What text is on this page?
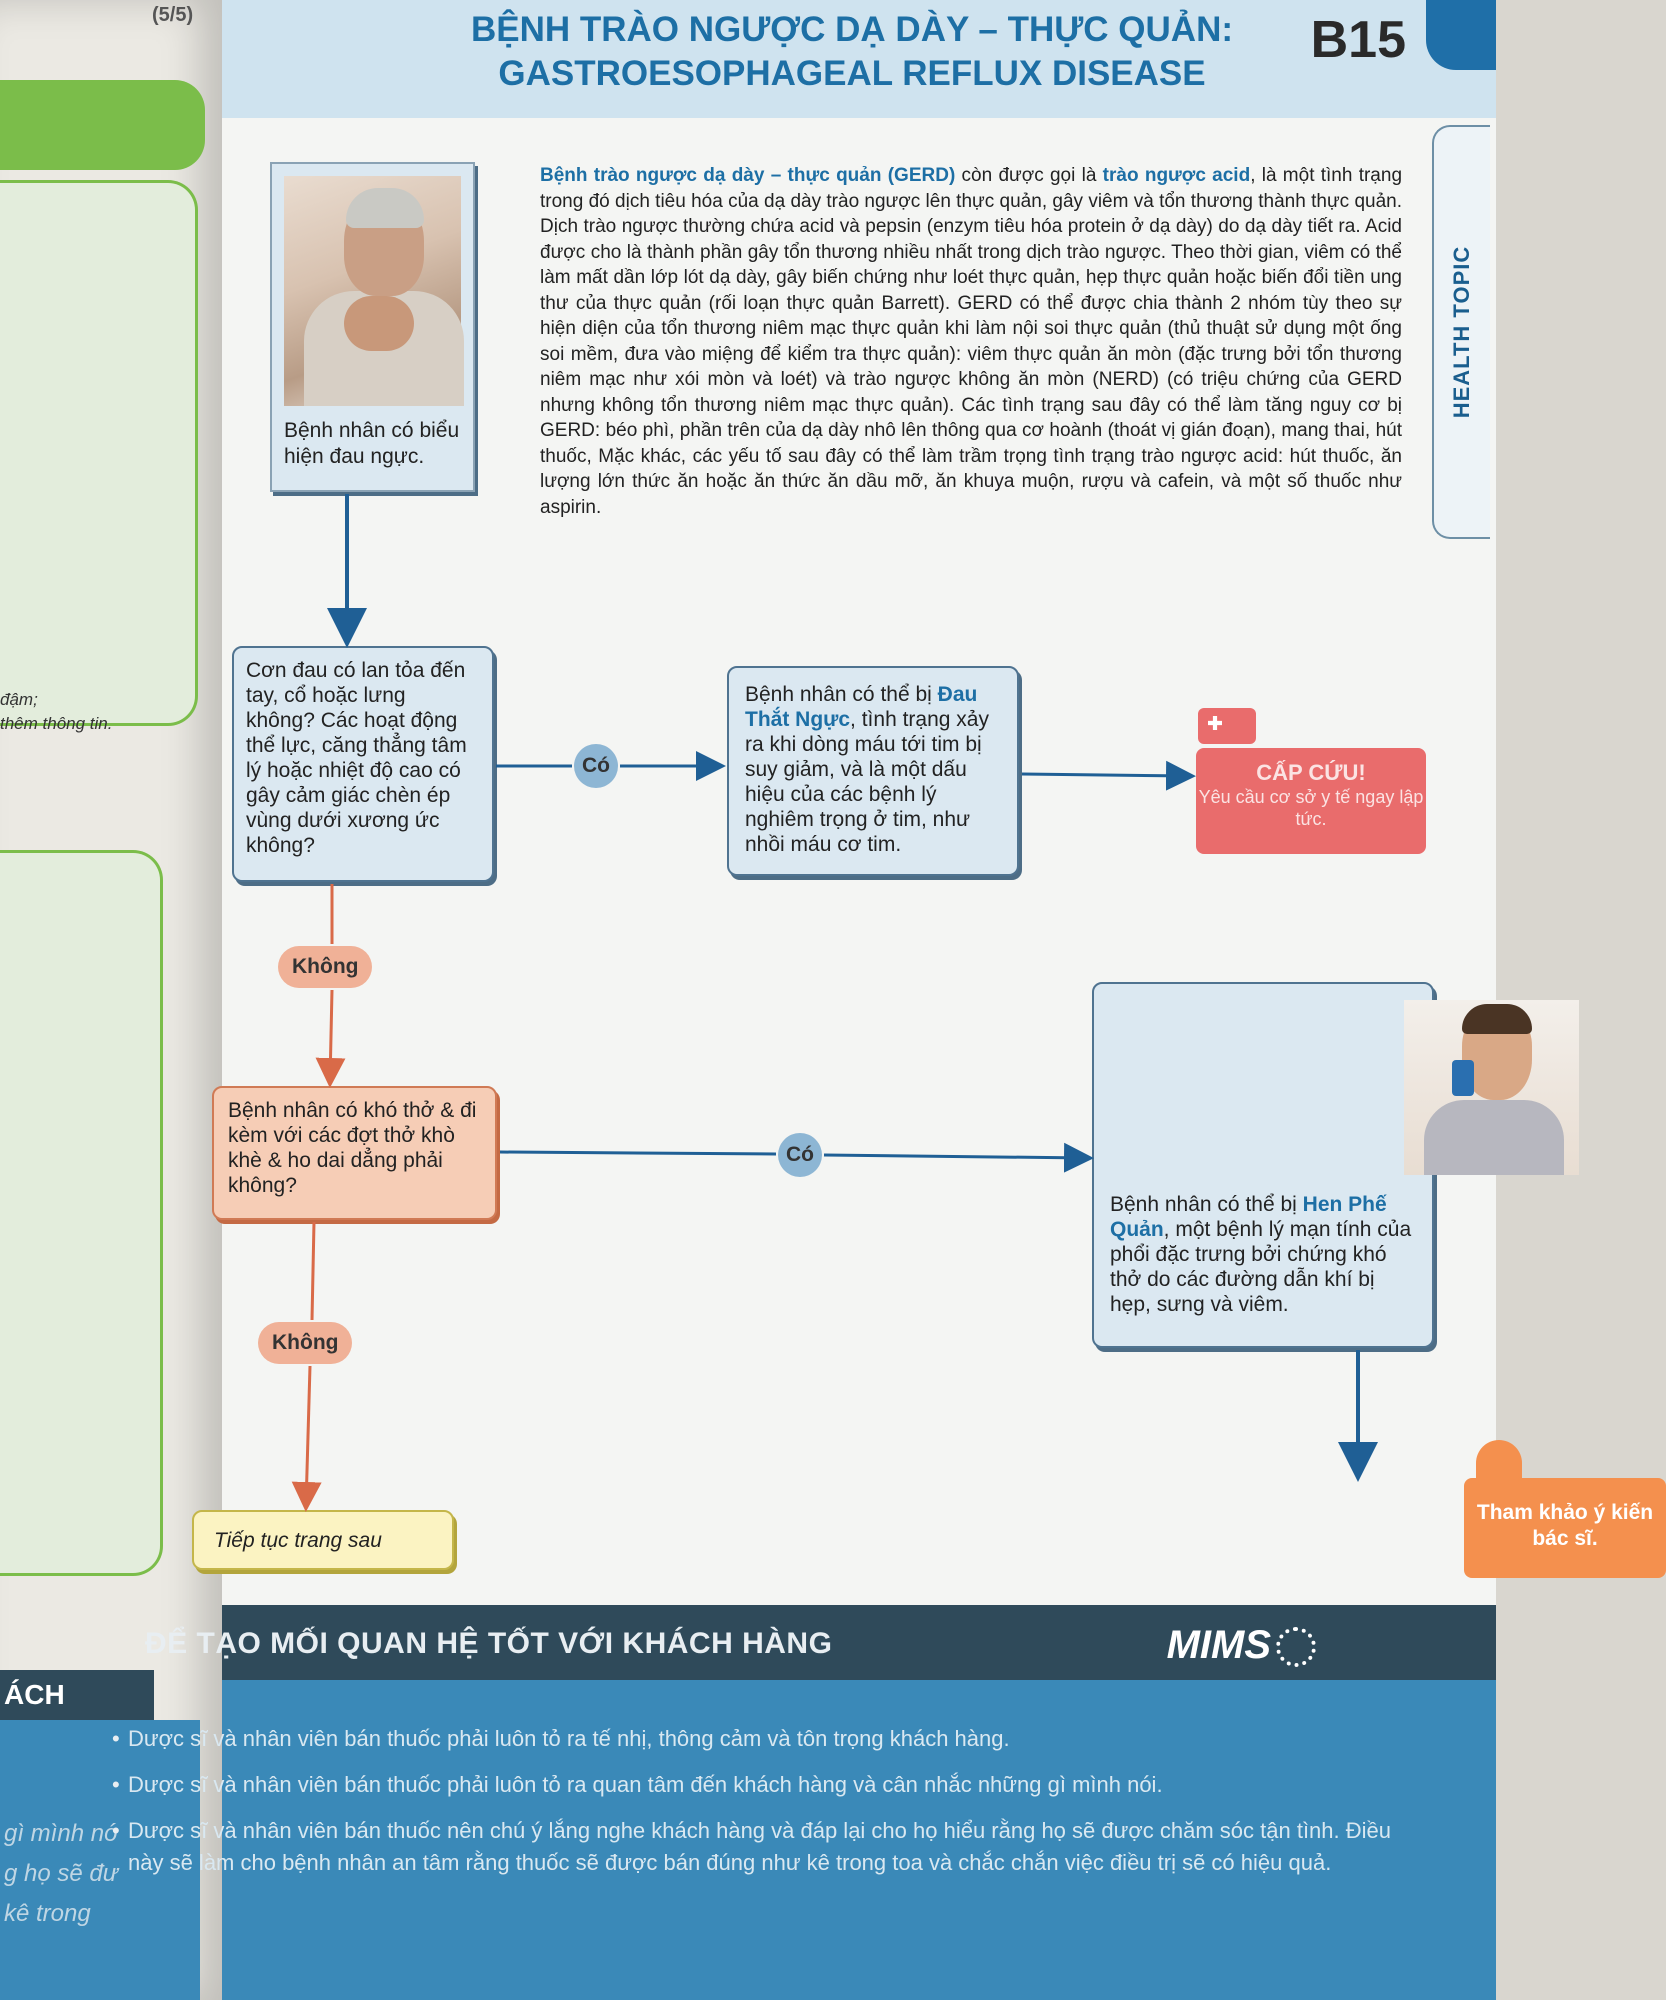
đậm;
thêm thông tin.
ÁCH
gì mình nó
g họ sẽ đư
kê trong
(5/5)	BỆNH TRÀO NGƯỢC DẠ DÀY – THỰC QUẢN:
GASTROESOPHAGEAL REFLUX DISEASE
B15
HEALTH TOPIC
Bệnh nhân có biểu hiện đau ngực.
Bệnh trào ngược dạ dày – thực quản (GERD) còn được gọi là trào ngược acid, là một tình trạng trong đó dịch tiêu hóa của dạ dày trào ngược lên thực quản, gây viêm và tổn thương thành thực quản. Dịch trào ngược thường chứa acid và pepsin (enzym tiêu hóa protein ở dạ dày) do dạ dày tiết ra. Acid được cho là thành phần gây tổn thương nhiều nhất trong dịch trào ngược. Theo thời gian, viêm có thể làm mất dần lớp lót dạ dày, gây biến chứng như loét thực quản, hẹp thực quản hoặc biến đổi tiền ung thư của thực quản (rối loạn thực quản Barrett). GERD có thể được chia thành 2 nhóm tùy theo sự hiện diện của tổn thương niêm mạc thực quản khi làm nội soi thực quản (thủ thuật sử dụng một ống soi mềm, đưa vào miệng để kiểm tra thực quản): viêm thực quản ăn mòn (đặc trưng bởi tổn thương niêm mạc như xói mòn và loét) và trào ngược không ăn mòn (NERD) (có triệu chứng của GERD nhưng không tổn thương niêm mạc thực quản). Các tình trạng sau đây có thể làm tăng nguy cơ bị GERD: béo phì, phần trên của dạ dày nhô lên thông qua cơ hoành (thoát vị gián đoạn), mang thai, hút thuốc, Mặc khác, các yếu tố sau đây có thể làm trầm trọng tình trạng trào ngược acid: hút thuốc, ăn lượng lớn thức ăn hoặc ăn thức ăn dầu mỡ, ăn khuya muộn, rượu và cafein, và một số thuốc như aspirin.
Cơn đau có lan tỏa đến tay, cổ hoặc lưng không? Các hoạt động thể lực, căng thẳng tâm lý hoặc nhiệt độ cao có gây cảm giác chèn ép vùng dưới xương ức không?
Có
Bệnh nhân có thể bị Đau Thắt Ngực, tình trạng xảy ra khi dòng máu tới tim bị suy giảm, và là một dấu hiệu của các bệnh lý nghiêm trọng ở tim, như nhồi máu cơ tim.
CẤP CỨU!
Yêu cầu cơ sở y tế ngay lập tức.
Không
Bệnh nhân có khó thở & đi kèm với các đợt thở khò khè & ho dai dẳng phải không?
Có
Bệnh nhân có thể bị Hen Phế Quản, một bệnh lý mạn tính của phổi đặc trưng bởi chứng khó thở do các đường dẫn khí bị hẹp, sưng và viêm.
Không
Tiếp tục trang sau
Tham khảo ý kiến bác sĩ.
ĐỂ TẠO MỐI QUAN HỆ TỐT VỚI KHÁCH HÀNG	MIMS
• Dược sĩ và nhân viên bán thuốc phải luôn tỏ ra tế nhị, thông cảm và tôn trọng khách hàng.
• Dược sĩ và nhân viên bán thuốc phải luôn tỏ ra quan tâm đến khách hàng và cân nhắc những gì mình nói.
• Dược sĩ và nhân viên bán thuốc nên chú ý lắng nghe khách hàng và đáp lại cho họ hiểu rằng họ sẽ được chăm sóc tận tình. Điều này sẽ làm cho bệnh nhân an tâm rằng thuốc sẽ được bán đúng như kê trong toa và chắc chắn việc điều trị sẽ có hiệu quả.
